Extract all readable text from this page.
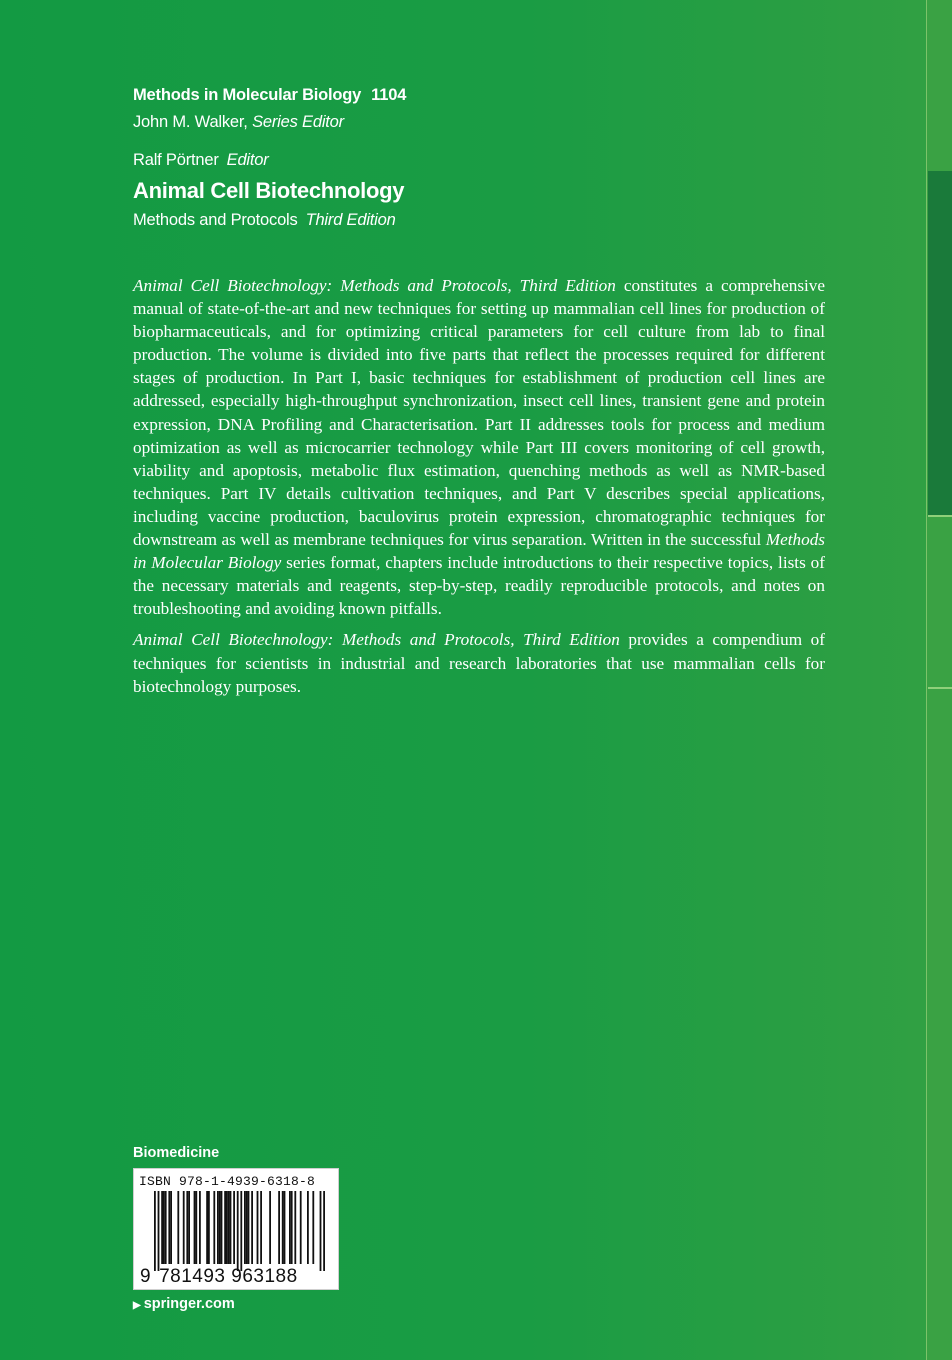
Methods in Molecular Biology 1104
John M. Walker, Series Editor
Ralf Pörtner Editor
Animal Cell Biotechnology
Methods and Protocols Third Edition

Animal Cell Biotechnology: Methods and Protocols, Third Edition constitutes a comprehensive manual of state-of-the-art and new techniques for setting up mammalian cell lines for production of biopharmaceuticals, and for optimizing critical parameters for cell culture from lab to final production. The volume is divided into five parts that reflect the processes required for different stages of production. In Part I, basic techniques for establishment of production cell lines are addressed, especially high-throughput synchronization, insect cell lines, transient gene and protein expression, DNA Profiling and Characterisation. Part II addresses tools for process and medium optimization as well as microcarrier technology while Part III covers monitoring of cell growth, viability and apoptosis, metabolic flux estimation, quenching methods as well as NMR-based techniques. Part IV details cultivation techniques, and Part V describes special applications, including vaccine production, baculovirus protein expression, chromatographic techniques for downstream as well as membrane techniques for virus separation. Written in the successful Methods in Molecular Biology series format, chapters include introductions to their respective topics, lists of the necessary materials and reagents, step-by-step, readily reproducible protocols, and notes on troubleshooting and avoiding known pitfalls.

Animal Cell Biotechnology: Methods and Protocols, Third Edition provides a compendium of techniques for scientists in industrial and research laboratories that use mammalian cells for biotechnology purposes.

Biomedicine
ISBN 978-1-4939-6318-8
9 781493 963188
▶ springer.com
